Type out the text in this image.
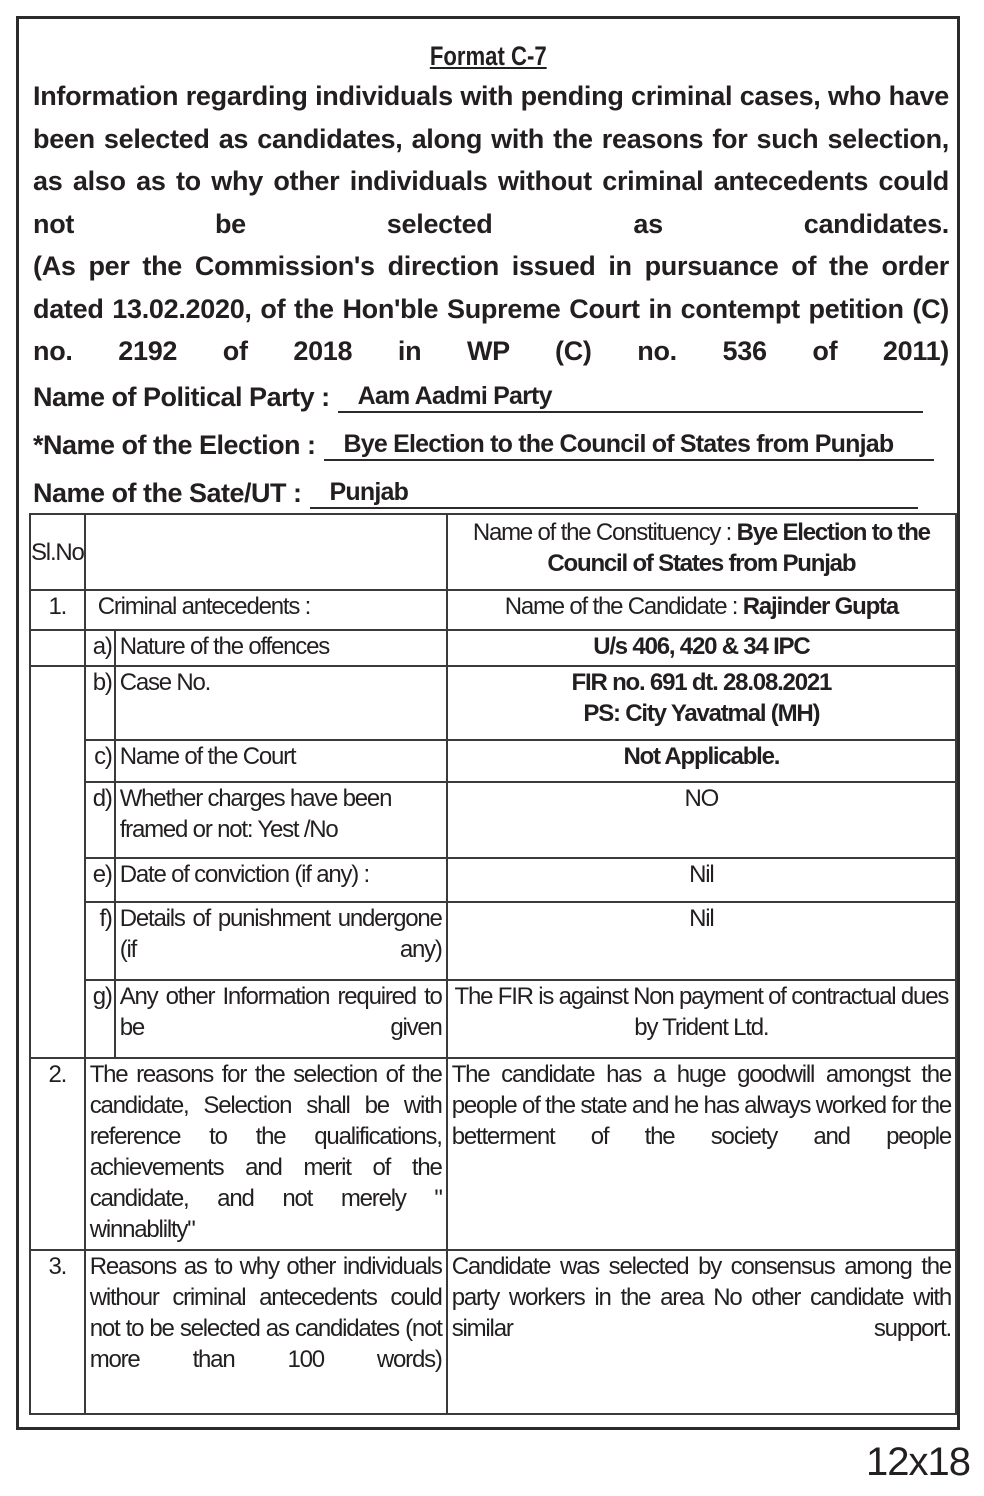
Format C-7
Information regarding individuals with pending criminal cases, who have been selected as candidates, along with the reasons for such selection, as also as to why other individuals without criminal antecedents could not be selected as candidates.
(As per the Commission's direction issued in pursuance of the order dated 13.02.2020, of the Hon'ble Supreme Court in contempt petition (C) no. 2192 of 2018 in WP (C) no. 536 of 2011)
Name of Political Party :	Aam Aadmi Party
*Name of the Election :	Bye Election to the Council of States from Punjab
Name of the Sate/UT :	Punjab
Sl.No			Name of the Constituency : Bye Election to the Council of States from Punjab
1.	Criminal antecedents :		Name of the Candidate : Rajinder Gupta
	a)	Nature of the offences	U/s 406, 420 & 34 IPC
	b)	Case No.	FIR no. 691 dt. 28.08.2021
PS: City Yavatmal (MH)

	c)	Name of the Court	Not Applicable.
	d)	Whether charges have been framed or not: Yest /No	NO
	e)	Date of conviction (if any) :	Nil
	f)	Details of punishment undergone (if any)	Nil
	g)	Any other Information required to be given	The FIR is against Non payment of contractual dues by Trident Ltd.
2.	The reasons for the selection of the candidate, Selection shall be with reference to the qualifications, achievements and merit of the candidate, and not merely " winnablilty"		The candidate has a huge goodwill amongst the people of the state and he has always worked for the betterment of the society and people
3.	Reasons as to why other individuals withour criminal antecedents could not to be selected as candidates (not more than 100 words)		Candidate was selected by consensus among the party workers in the area No other candidate with similar support.
12x18
